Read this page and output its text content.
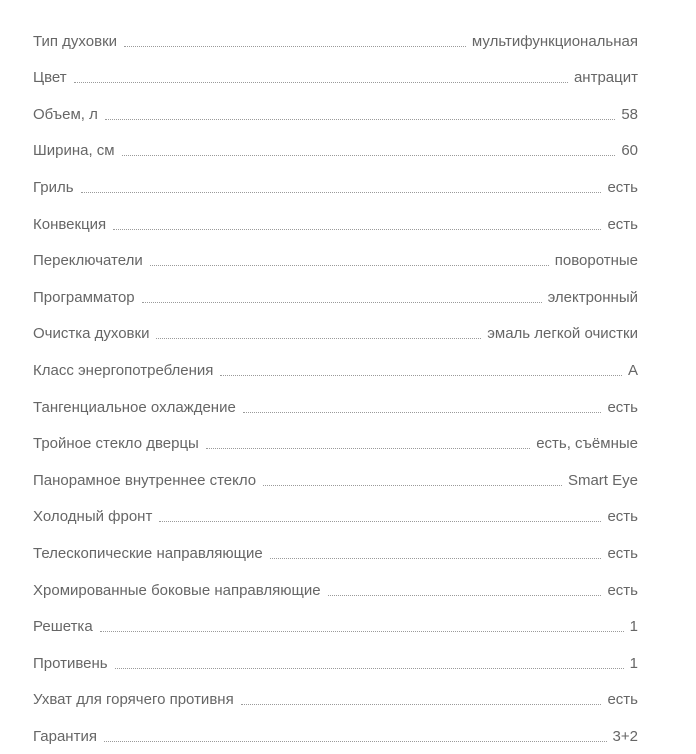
Тип духовки	мультифункциональная
Цвет	антрацит
Объем, л	58
Ширина, см	60
Гриль	есть
Конвекция	есть
Переключатели	поворотные
Программатор	электронный
Очистка духовки	эмаль легкой очистки
Класс энергопотребления	A
Тангенциальное охлаждение	есть
Тройное стекло дверцы	есть, съёмные
Панорамное внутреннее стекло	Smart Eye
Холодный фронт	есть
Телескопические направляющие	есть
Хромированные боковые направляющие	есть
Решетка	1
Противень	1
Ухват для горячего противня	есть
Гарантия	3+2
